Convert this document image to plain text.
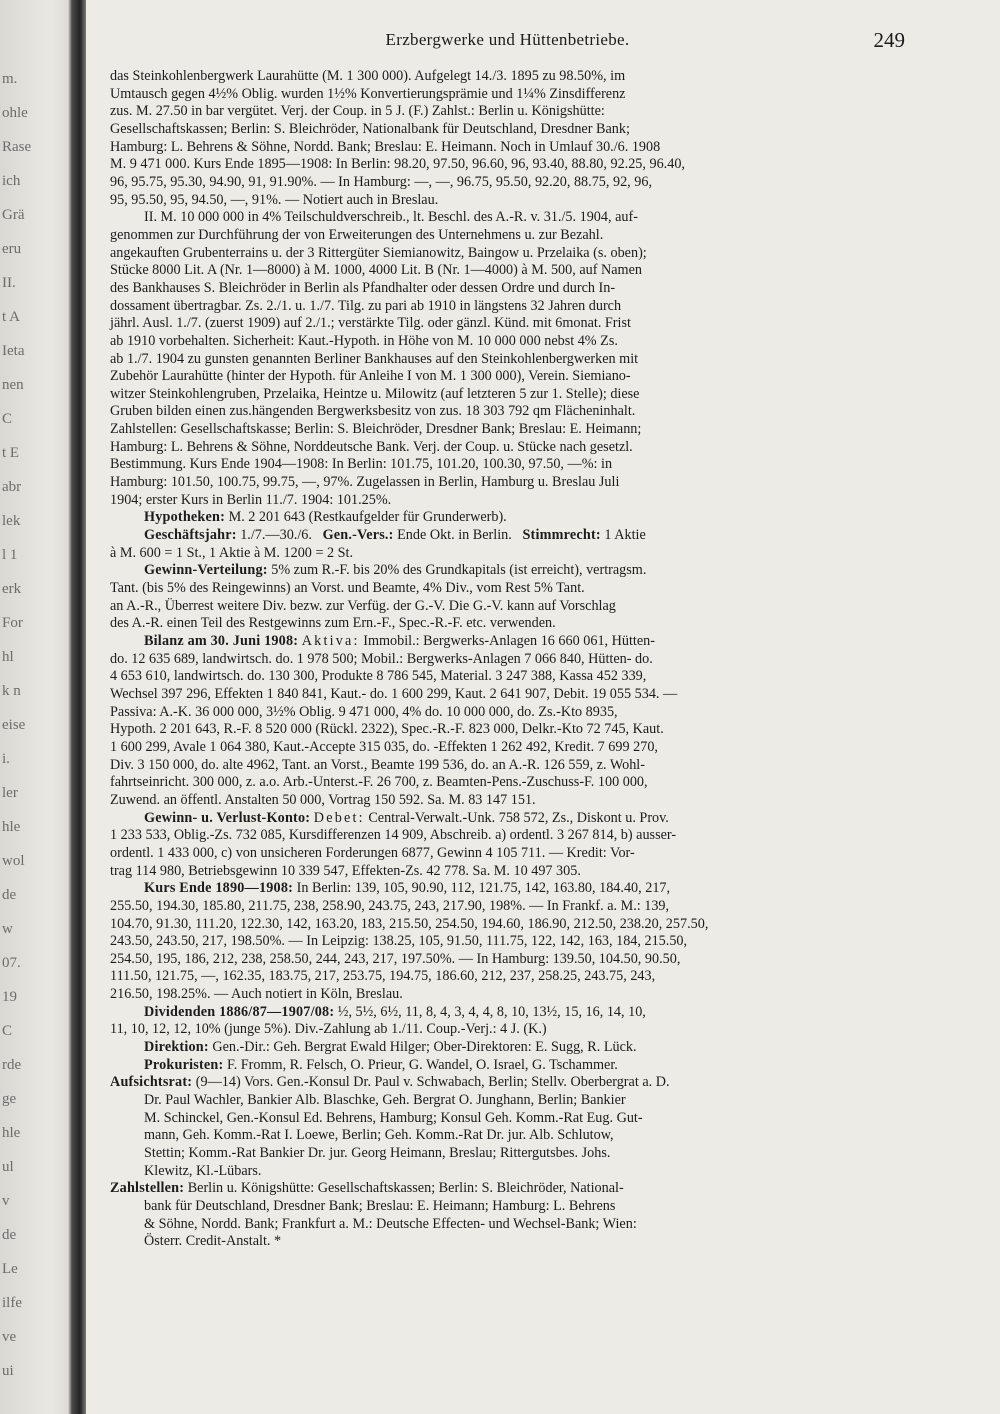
m.
ohle
Rase
ich
Grä
eru
II.
t A
Ieta
nen
C
t E
abr
lek
l 1
erk
For
hl
k n
eise
i.
ler
hle
wol
de
w
07.
19
C
rde
ge
hle
ul
v
de
Le
ilfe
ve
ui
Erzbergwerke und Hüttenbetriebe.	249
das Steinkohlenbergwerk Laurahütte (M. 1 300 000). Aufgelegt 14./3. 1895 zu 98.50%, im
Umtausch gegen 4½% Oblig. wurden 1½% Konvertierungsprämie und 1¼% Zinsdifferenz
zus. M. 27.50 in bar vergütet. Verj. der Coup. in 5 J. (F.) Zahlst.: Berlin u. Königshütte:
Gesellschaftskassen; Berlin: S. Bleichröder, Nationalbank für Deutschland, Dresdner Bank;
Hamburg: L. Behrens & Söhne, Nordd. Bank; Breslau: E. Heimann. Noch in Umlauf 30./6. 1908
M. 9 471 000. Kurs Ende 1895—1908: In Berlin: 98.20, 97.50, 96.60, 96, 93.40, 88.80, 92.25, 96.40,
96, 95.75, 95.30, 94.90, 91, 91.90%. — In Hamburg: —, —, 96.75, 95.50, 92.20, 88.75, 92, 96,
95, 95.50, 95, 94.50, —, 91%. — Notiert auch in Breslau.
II. M. 10 000 000 in 4% Teilschuldverschreib., lt. Beschl. des A.-R. v. 31./5. 1904, auf-
genommen zur Durchführung der von Erweiterungen des Unternehmens u. zur Bezahl.
angekauften Grubenterrains u. der 3 Rittergüter Siemianowitz, Baingow u. Przelaika (s. oben);
Stücke 8000 Lit. A (Nr. 1—8000) à M. 1000, 4000 Lit. B (Nr. 1—4000) à M. 500, auf Namen
des Bankhauses S. Bleichröder in Berlin als Pfandhalter oder dessen Ordre und durch In-
dossament übertragbar. Zs. 2./1. u. 1./7. Tilg. zu pari ab 1910 in längstens 32 Jahren durch
jährl. Ausl. 1./7. (zuerst 1909) auf 2./1.; verstärkte Tilg. oder gänzl. Künd. mit 6monat. Frist
ab 1910 vorbehalten. Sicherheit: Kaut.-Hypoth. in Höhe von M. 10 000 000 nebst 4% Zs.
ab 1./7. 1904 zu gunsten genannten Berliner Bankhauses auf den Steinkohlenbergwerken mit
Zubehör Laurahütte (hinter der Hypoth. für Anleihe I von M. 1 300 000), Verein. Siemiano-
witzer Steinkohlengruben, Przelaika, Heintze u. Milowitz (auf letzteren 5 zur 1. Stelle); diese
Gruben bilden einen zus.hängenden Bergwerksbesitz von zus. 18 303 792 qm Flächeninhalt.
Zahlstellen: Gesellschaftskasse; Berlin: S. Bleichröder, Dresdner Bank; Breslau: E. Heimann;
Hamburg: L. Behrens & Söhne, Norddeutsche Bank. Verj. der Coup. u. Stücke nach gesetzl.
Bestimmung. Kurs Ende 1904—1908: In Berlin: 101.75, 101.20, 100.30, 97.50, —%: in
Hamburg: 101.50, 100.75, 99.75, —, 97%. Zugelassen in Berlin, Hamburg u. Breslau Juli
1904; erster Kurs in Berlin 11./7. 1904: 101.25%.
Hypotheken: M. 2 201 643 (Restkaufgelder für Grunderwerb).
Geschäftsjahr: 1./7.—30./6. Gen.-Vers.: Ende Okt. in Berlin. Stimmrecht: 1 Aktie
à M. 600 = 1 St., 1 Aktie à M. 1200 = 2 St.
Gewinn-Verteilung: 5% zum R.-F. bis 20% des Grundkapitals (ist erreicht), vertragsm.
Tant. (bis 5% des Reingewinns) an Vorst. und Beamte, 4% Div., vom Rest 5% Tant.
an A.-R., Überrest weitere Div. bezw. zur Verfüg. der G.-V. Die G.-V. kann auf Vorschlag
des A.-R. einen Teil des Restgewinns zum Ern.-F., Spec.-R.-F. etc. verwenden.
Bilanz am 30. Juni 1908: Aktiva: Immobil.: Bergwerks-Anlagen 16 660 061, Hütten-
do. 12 635 689, landwirtsch. do. 1 978 500; Mobil.: Bergwerks-Anlagen 7 066 840, Hütten- do.
4 653 610, landwirtsch. do. 130 300, Produkte 8 786 545, Material. 3 247 388, Kassa 452 339,
Wechsel 397 296, Effekten 1 840 841, Kaut.- do. 1 600 299, Kaut. 2 641 907, Debit. 19 055 534. —
Passiva: A.-K. 36 000 000, 3½% Oblig. 9 471 000, 4% do. 10 000 000, do. Zs.-Kto 8935,
Hypoth. 2 201 643, R.-F. 8 520 000 (Rückl. 2322), Spec.-R.-F. 823 000, Delkr.-Kto 72 745, Kaut.
1 600 299, Avale 1 064 380, Kaut.-Accepte 315 035, do. -Effekten 1 262 492, Kredit. 7 699 270,
Div. 3 150 000, do. alte 4962, Tant. an Vorst., Beamte 199 536, do. an A.-R. 126 559, z. Wohl-
fahrtseinricht. 300 000, z. a.o. Arb.-Unterst.-F. 26 700, z. Beamten-Pens.-Zuschuss-F. 100 000,
Zuwend. an öffentl. Anstalten 50 000, Vortrag 150 592. Sa. M. 83 147 151.
Gewinn- u. Verlust-Konto: Debet: Central-Verwalt.-Unk. 758 572, Zs., Diskont u. Prov.
1 233 533, Oblig.-Zs. 732 085, Kursdifferenzen 14 909, Abschreib. a) ordentl. 3 267 814, b) ausser-
ordentl. 1 433 000, c) von unsicheren Forderungen 6877, Gewinn 4 105 711. — Kredit: Vor-
trag 114 980, Betriebsgewinn 10 339 547, Effekten-Zs. 42 778. Sa. M. 10 497 305.
Kurs Ende 1890—1908: In Berlin: 139, 105, 90.90, 112, 121.75, 142, 163.80, 184.40, 217,
255.50, 194.30, 185.80, 211.75, 238, 258.90, 243.75, 243, 217.90, 198%. — In Frankf. a. M.: 139,
104.70, 91.30, 111.20, 122.30, 142, 163.20, 183, 215.50, 254.50, 194.60, 186.90, 212.50, 238.20, 257.50,
243.50, 243.50, 217, 198.50%. — In Leipzig: 138.25, 105, 91.50, 111.75, 122, 142, 163, 184, 215.50,
254.50, 195, 186, 212, 238, 258.50, 244, 243, 217, 197.50%. — In Hamburg: 139.50, 104.50, 90.50,
111.50, 121.75, —, 162.35, 183.75, 217, 253.75, 194.75, 186.60, 212, 237, 258.25, 243.75, 243,
216.50, 198.25%. — Auch notiert in Köln, Breslau.
Dividenden 1886/87—1907/08: ½, 5½, 6½, 11, 8, 4, 3, 4, 4, 8, 10, 13½, 15, 16, 14, 10,
11, 10, 12, 12, 10% (junge 5%). Div.-Zahlung ab 1./11. Coup.-Verj.: 4 J. (K.)
Direktion: Gen.-Dir.: Geh. Bergrat Ewald Hilger; Ober-Direktoren: E. Sugg, R. Lück.
Prokuristen: F. Fromm, R. Felsch, O. Prieur, G. Wandel, O. Israel, G. Tschammer.
Aufsichtsrat: (9—14) Vors. Gen.-Konsul Dr. Paul v. Schwabach, Berlin; Stellv. Oberbergrat a. D.
Dr. Paul Wachler, Bankier Alb. Blaschke, Geh. Bergrat O. Junghann, Berlin; Bankier
M. Schinckel, Gen.-Konsul Ed. Behrens, Hamburg; Konsul Geh. Komm.-Rat Eug. Gut-
mann, Geh. Komm.-Rat I. Loewe, Berlin; Geh. Komm.-Rat Dr. jur. Alb. Schlutow,
Stettin; Komm.-Rat Bankier Dr. jur. Georg Heimann, Breslau; Rittergutsbes. Johs.
Klewitz, Kl.-Lübars.
Zahlstellen: Berlin u. Königshütte: Gesellschaftskassen; Berlin: S. Bleichröder, National-
bank für Deutschland, Dresdner Bank; Breslau: E. Heimann; Hamburg: L. Behrens
& Söhne, Nordd. Bank; Frankfurt a. M.: Deutsche Effecten- und Wechsel-Bank; Wien:
Österr. Credit-Anstalt. *
